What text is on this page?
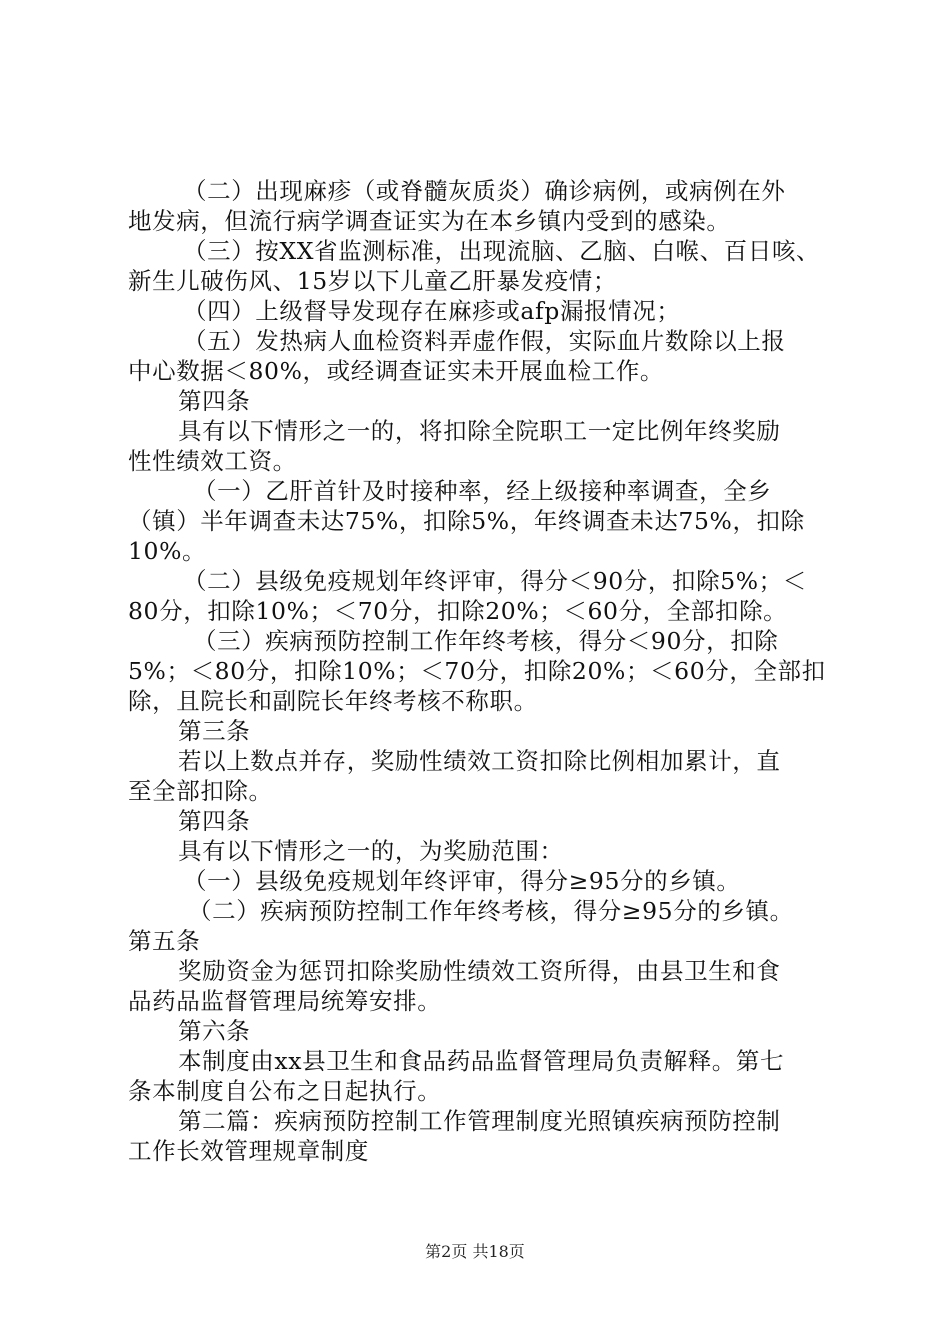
（二）出现麻疹（或脊髓灰质炎）确诊病例，或病例在外
地发病，但流行病学调查证实为在本乡镇内受到的感染。
（三）按XX省监测标准，出现流脑、乙脑、白喉、百日咳、
新生儿破伤风、15岁以下儿童乙肝暴发疫情；
（四）上级督导发现存在麻疹或afp漏报情况；
（五）发热病人血检资料弄虚作假，实际血片数除以上报
中心数据＜80%，或经调查证实未开展血检工作。
第四条
具有以下情形之一的，将扣除全院职工一定比例年终奖励
性性绩效工资。
（一）乙肝首针及时接种率，经上级接种率调查，全乡
（镇）半年调查未达75%，扣除5%，年终调查未达75%，扣除
10%。
（二）县级免疫规划年终评审，得分＜90分，扣除5%；＜
80分，扣除10%；＜70分，扣除20%；＜60分，全部扣除。
（三）疾病预防控制工作年终考核，得分＜90分，扣除
5%；＜80分，扣除10%；＜70分，扣除20%；＜60分，全部扣
除，且院长和副院长年终考核不称职。
第三条
若以上数点并存，奖励性绩效工资扣除比例相加累计，直
至全部扣除。
第四条
具有以下情形之一的，为奖励范围：
（一）县级免疫规划年终评审，得分≥95分的乡镇。
（二）疾病预防控制工作年终考核，得分≥95分的乡镇。
第五条
奖励资金为惩罚扣除奖励性绩效工资所得，由县卫生和食
品药品监督管理局统筹安排。
第六条
本制度由xx县卫生和食品药品监督管理局负责解释。第七
条本制度自公布之日起执行。
第二篇：疾病预防控制工作管理制度光照镇疾病预防控制
工作长效管理规章制度
第2页 共18页
